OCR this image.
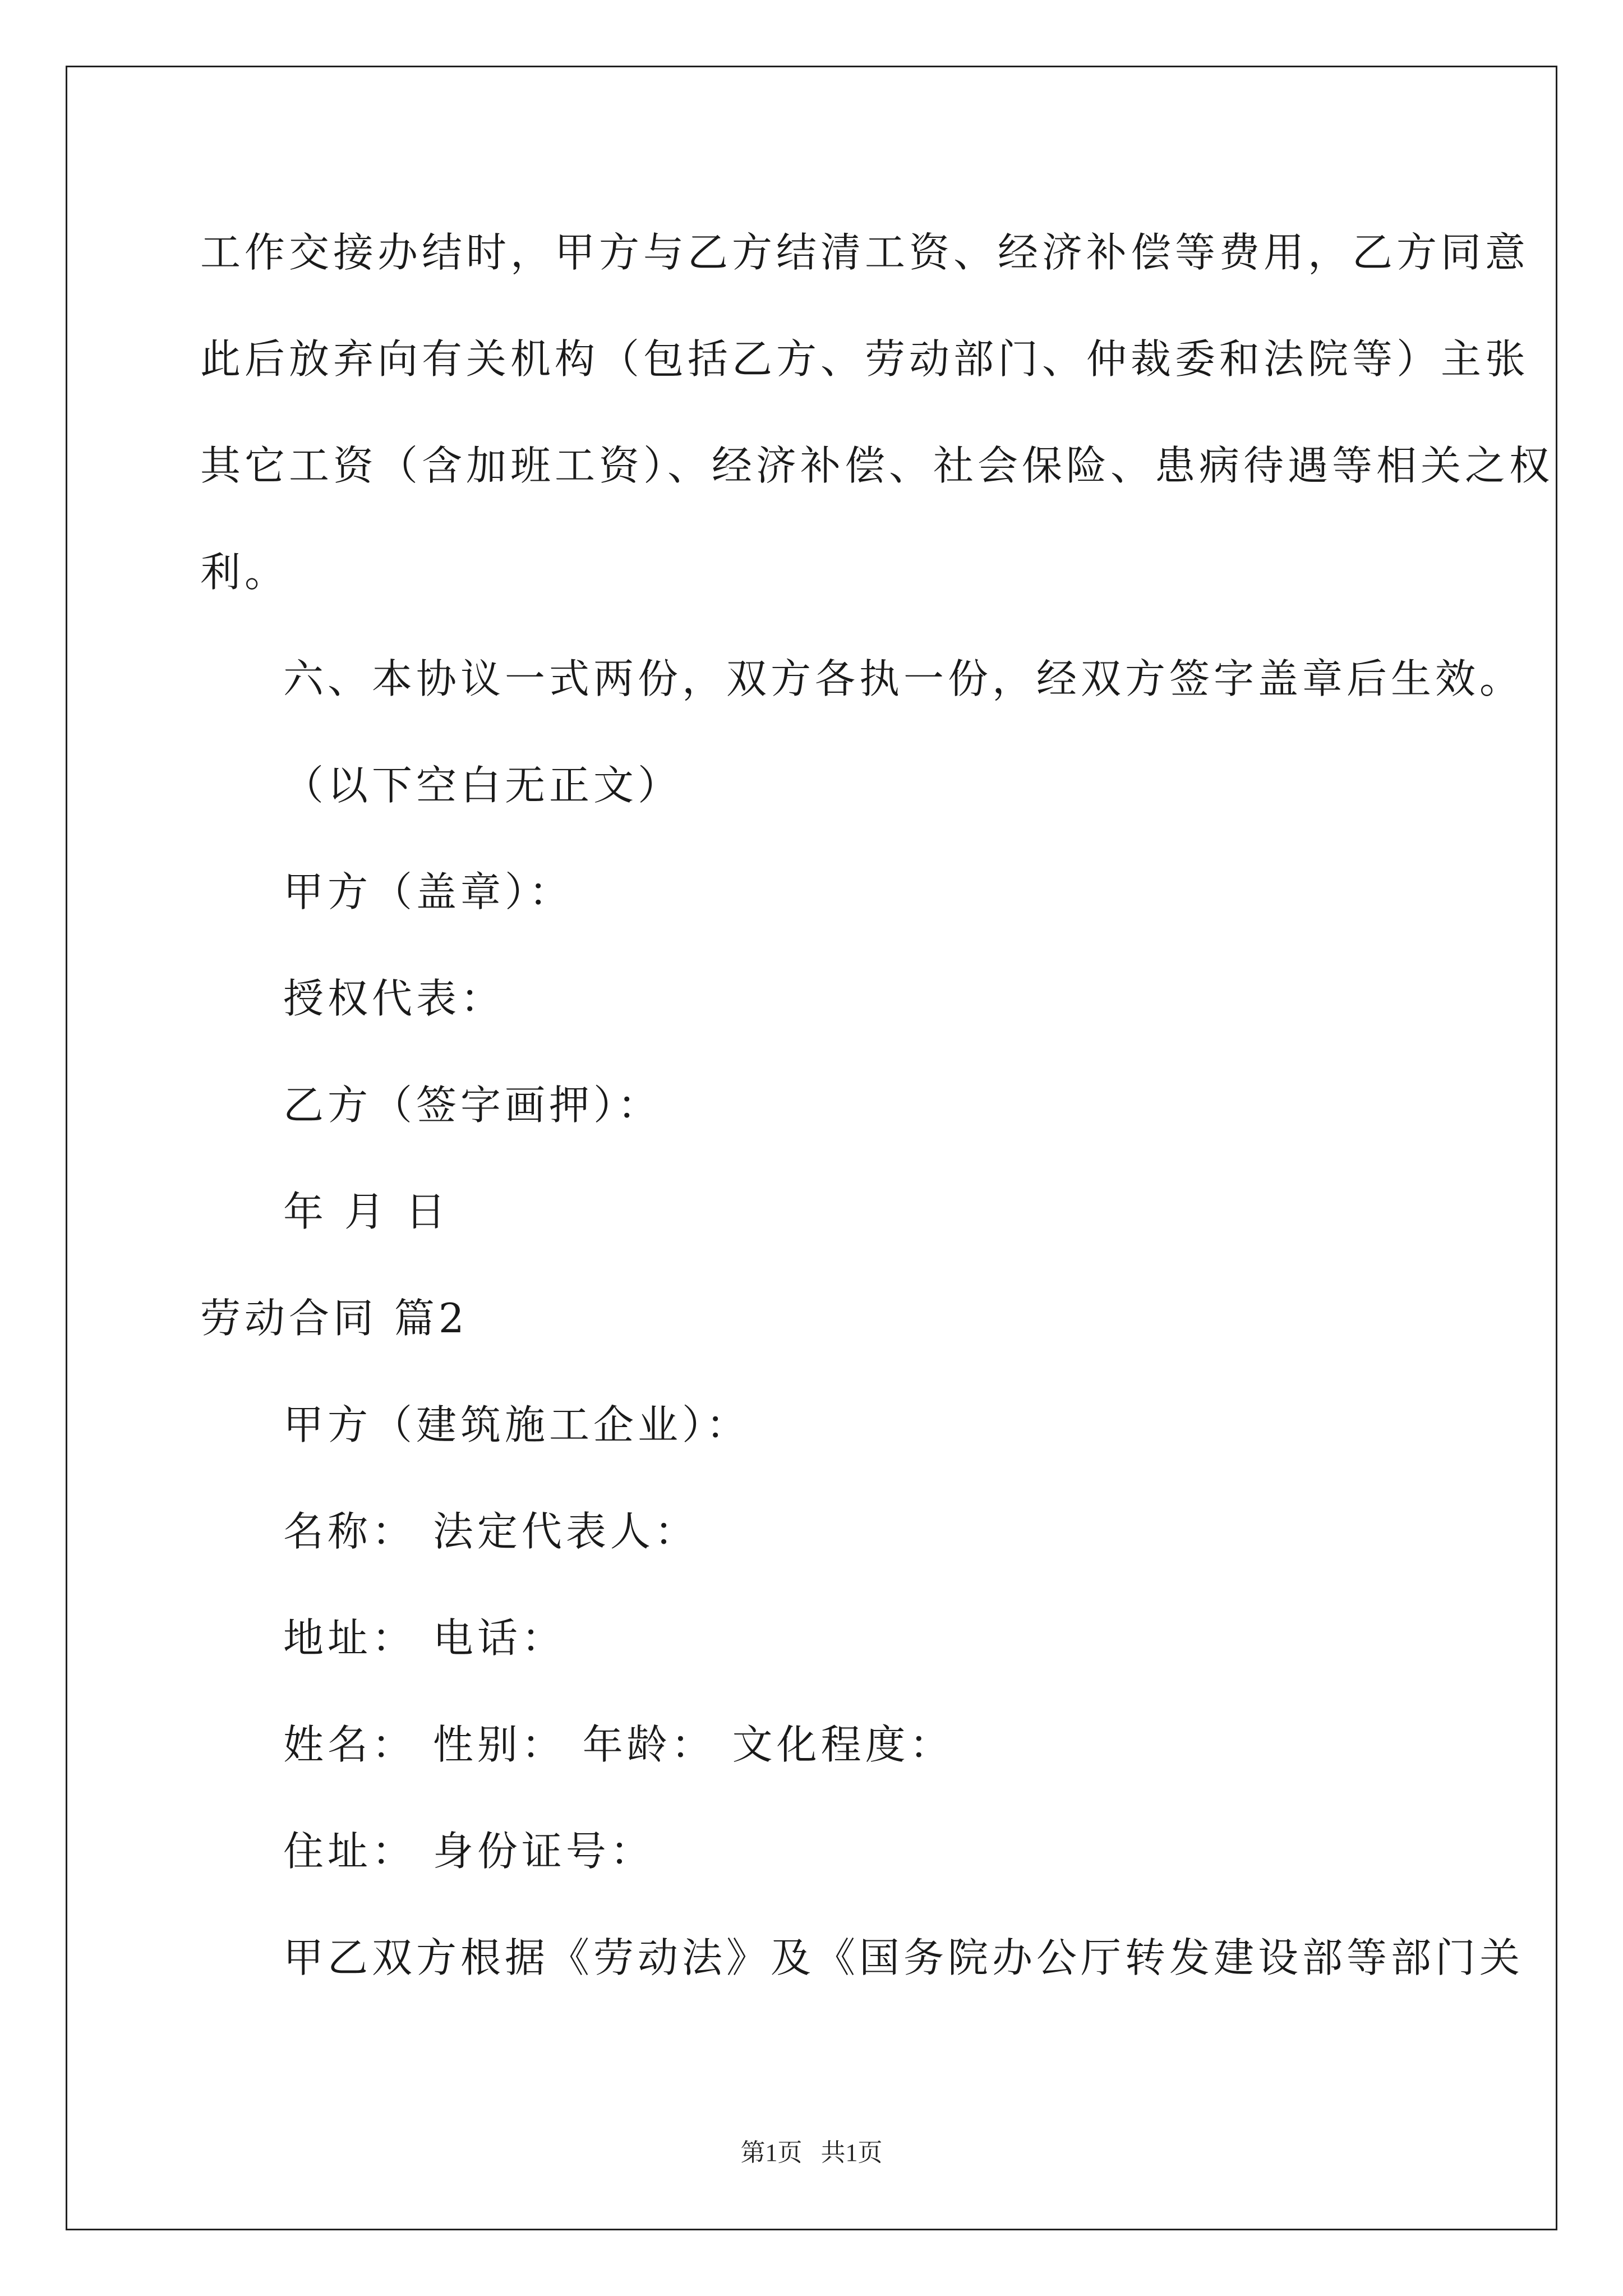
工作交接办结时，甲方与乙方结清工资、经济补偿等费用，乙方同意
此后放弃向有关机构（包括乙方、劳动部门、仲裁委和法院等）主张
其它工资（含加班工资）、经济补偿、社会保险、患病待遇等相关之权
利。
六、本协议一式两份，双方各执一份，经双方签字盖章后生效。
（以下空白无正文）
甲方（盖章）：
授权代表：
乙方（签字画押）：
年 月 日
劳动合同 篇2
甲方（建筑施工企业）：
名称： 法定代表人：
地址： 电话：
姓名： 性别： 年龄： 文化程度：
住址： 身份证号：
甲乙双方根据《劳动法》及《国务院办公厅转发建设部等部门关
第1页   共1页
